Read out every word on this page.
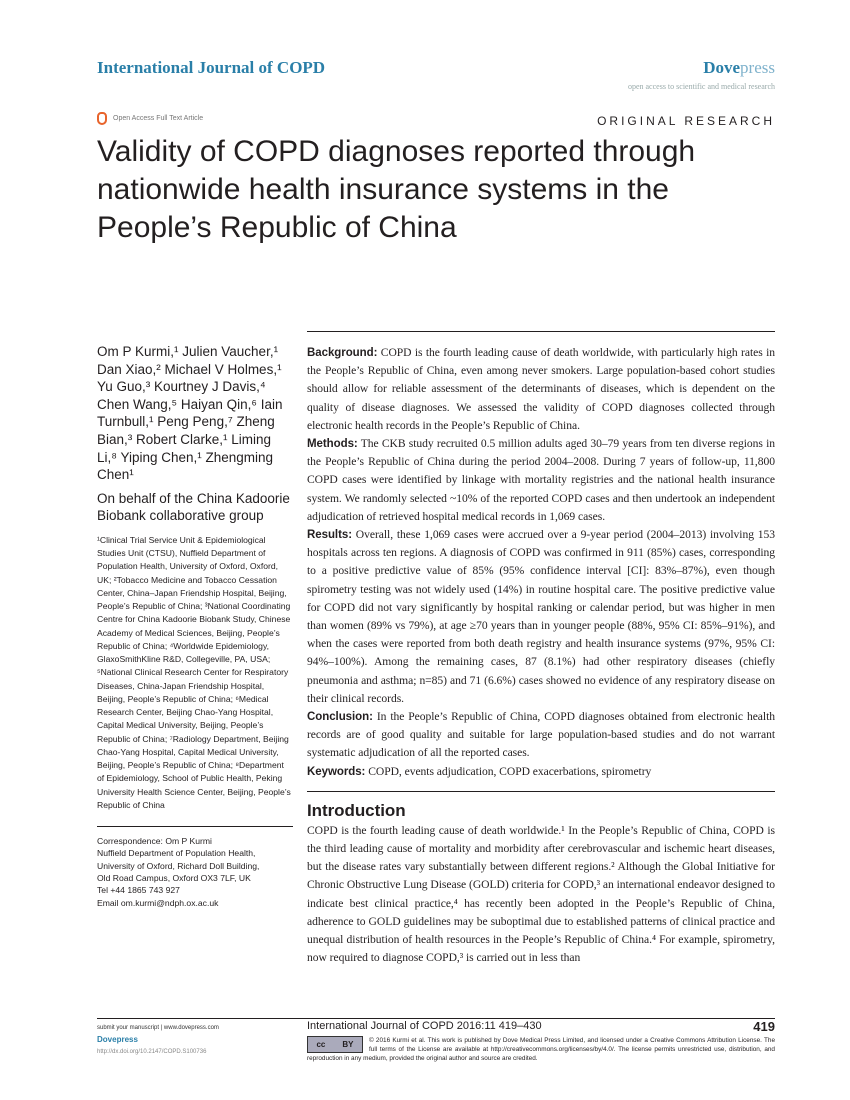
International Journal of COPD	Dovepress
open access to scientific and medical research
Open Access Full Text Article	ORIGINAL RESEARCH
Validity of COPD diagnoses reported through nationwide health insurance systems in the People’s Republic of China
Om P Kurmi,¹ Julien Vaucher,¹ Dan Xiao,² Michael V Holmes,¹ Yu Guo,³ Kourtney J Davis,⁴ Chen Wang,⁵ Haiyan Qin,⁶ Iain Turnbull,¹ Peng Peng,⁷ Zheng Bian,³ Robert Clarke,¹ Liming Li,⁸ Yiping Chen,¹ Zhengming Chen¹
On behalf of the China Kadoorie Biobank collaborative group
¹Clinical Trial Service Unit & Epidemiological Studies Unit (CTSU), Nuffield Department of Population Health, University of Oxford, Oxford, UK; ²Tobacco Medicine and Tobacco Cessation Center, China–Japan Friendship Hospital, Beijing, People’s Republic of China; ³National Coordinating Centre for China Kadoorie Biobank Study, Chinese Academy of Medical Sciences, Beijing, People’s Republic of China; ⁴Worldwide Epidemiology, GlaxoSmithKline R&D, Collegeville, PA, USA; ⁵National Clinical Research Center for Respiratory Diseases, China-Japan Friendship Hospital, Beijing, People’s Republic of China; ⁶Medical Research Center, Beijing Chao-Yang Hospital, Capital Medical University, Beijing, People’s Republic of China; ⁷Radiology Department, Beijing Chao-Yang Hospital, Capital Medical University, Beijing, People’s Republic of China; ⁸Department of Epidemiology, School of Public Health, Peking University Health Science Center, Beijing, People’s Republic of China
Correspondence: Om P Kurmi
Nuffield Department of Population Health,
University of Oxford, Richard Doll Building,
Old Road Campus, Oxford OX3 7LF, UK
Tel +44 1865 743 927
Email om.kurmi@ndph.ox.ac.uk

Background: COPD is the fourth leading cause of death worldwide, with particularly high rates in the People’s Republic of China, even among never smokers. Large population-based cohort studies should allow for reliable assessment of the determinants of diseases, which is dependent on the quality of disease diagnoses. We assessed the validity of COPD diagnoses collected through electronic health records in the People’s Republic of China.

Methods: The CKB study recruited 0.5 million adults aged 30–79 years from ten diverse regions in the People’s Republic of China during the period 2004–2008. During 7 years of follow-up, 11,800 COPD cases were identified by linkage with mortality registries and the national health insurance system. We randomly selected ~10% of the reported COPD cases and then undertook an independent adjudication of retrieved hospital medical records in 1,069 cases.

Results: Overall, these 1,069 cases were accrued over a 9-year period (2004–2013) involving 153 hospitals across ten regions. A diagnosis of COPD was confirmed in 911 (85%) cases, corresponding to a positive predictive value of 85% (95% confidence interval [CI]: 83%–87%), even though spirometry testing was not widely used (14%) in routine hospital care. The positive predictive value for COPD did not vary significantly by hospital ranking or calendar period, but was higher in men than women (89% vs 79%), at age ≥70 years than in younger people (88%, 95% CI: 85%–91%), and when the cases were reported from both death registry and health insurance systems (97%, 95% CI: 94%–100%). Among the remaining cases, 87 (8.1%) had other respiratory diseases (chiefly pneumonia and asthma; n=85) and 71 (6.6%) cases showed no evidence of any respiratory disease on their clinical records.

Conclusion: In the People’s Republic of China, COPD diagnoses obtained from electronic health records are of good quality and suitable for large population-based studies and do not warrant systematic adjudication of all the reported cases.

Keywords: COPD, events adjudication, COPD exacerbations, spirometry

Introduction

COPD is the fourth leading cause of death worldwide.¹ In the People’s Republic of China, COPD is the third leading cause of mortality and morbidity after cerebrovascular and ischemic heart diseases, but the disease rates vary substantially between different regions.² Although the Global Initiative for Chronic Obstructive Lung Disease (GOLD) criteria for COPD,³ an international endeavor designed to indicate best clinical practice,⁴ has recently been adopted in the People’s Republic of China, adherence to GOLD guidelines may be suboptimal due to established patterns of clinical practice and unequal distribution of health resources in the People’s Republic of China.⁴ For example, spirometry, now required to diagnose COPD,³ is carried out in less than

submit your manuscript | www.dovepress.com
Dovepress
http://dx.doi.org/10.2147/COPD.S100736
International Journal of COPD 2016:11 419–430	419
cc BY © 2016 Kurmi et al. This work is published by Dove Medical Press Limited, and licensed under a Creative Commons Attribution License. The full terms of the License are available at http://creativecommons.org/licenses/by/4.0/. The license permits unrestricted use, distribution, and reproduction in any medium, provided the original author and source are credited.
